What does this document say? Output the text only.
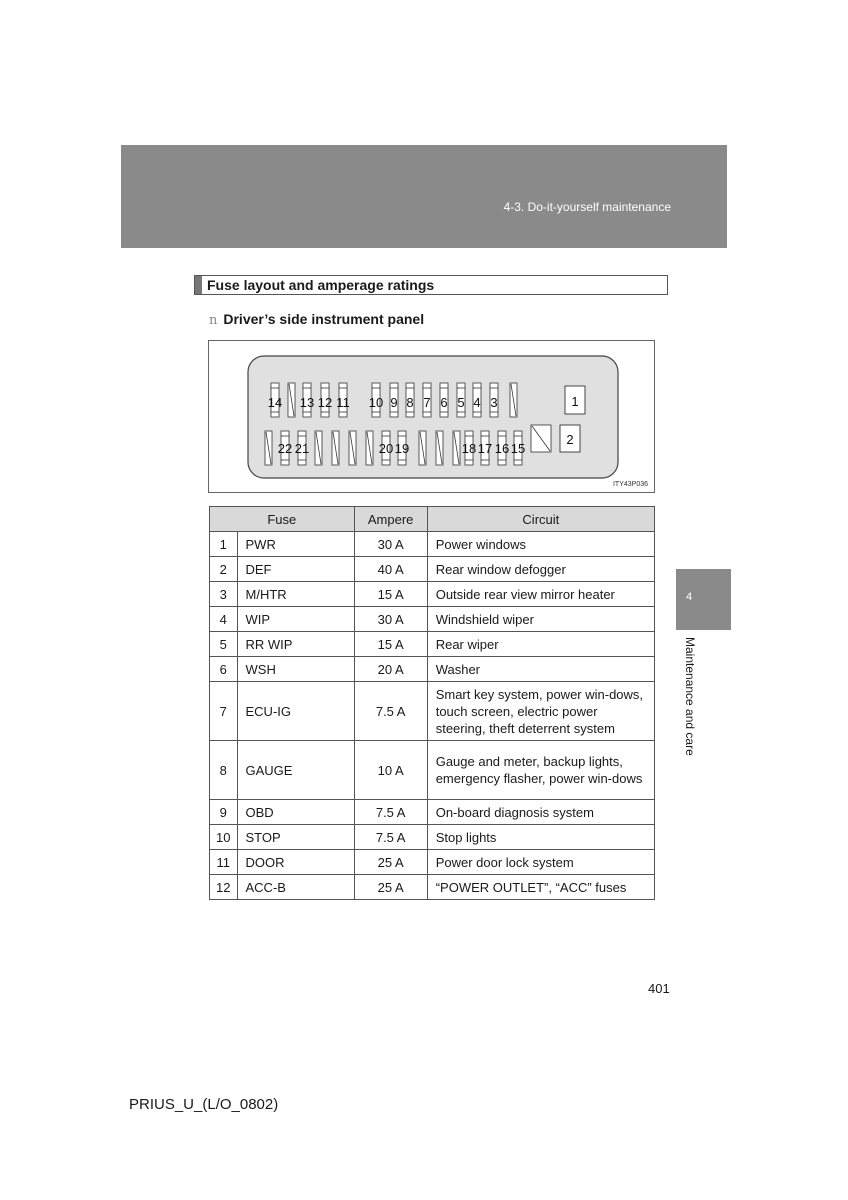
4-3. Do-it-yourself maintenance
4
Maintenance and care
Fuse layout and amperage ratings
n Driver’s side instrument panel
14 13 12 11 10 9 8 7 6 5 4 3
22 21	20 19	18 17 16 15
1
2
ITY43P036
Fuse		Ampere	Circuit
1	PWR	30 A	Power windows
2	DEF	40 A	Rear window defogger
3	M/HTR	15 A	Outside rear view mirror heater
4	WIP	30 A	Windshield wiper
5	RR WIP	15 A	Rear wiper
6	WSH	20 A	Washer
7	ECU-IG	7.5 A	Smart key system, power win-dows, touch screen, electric power steering, theft deterrent system
8	GAUGE	10 A	Gauge and meter, backup lights, emergency flasher, power win-dows
9	OBD	7.5 A	On-board diagnosis system
10	STOP	7.5 A	Stop lights
11	DOOR	25 A	Power door lock system
12	ACC-B	25 A	“POWER OUTLET”, “ACC” fuses
401
PRIUS_U_(L/O_0802)
